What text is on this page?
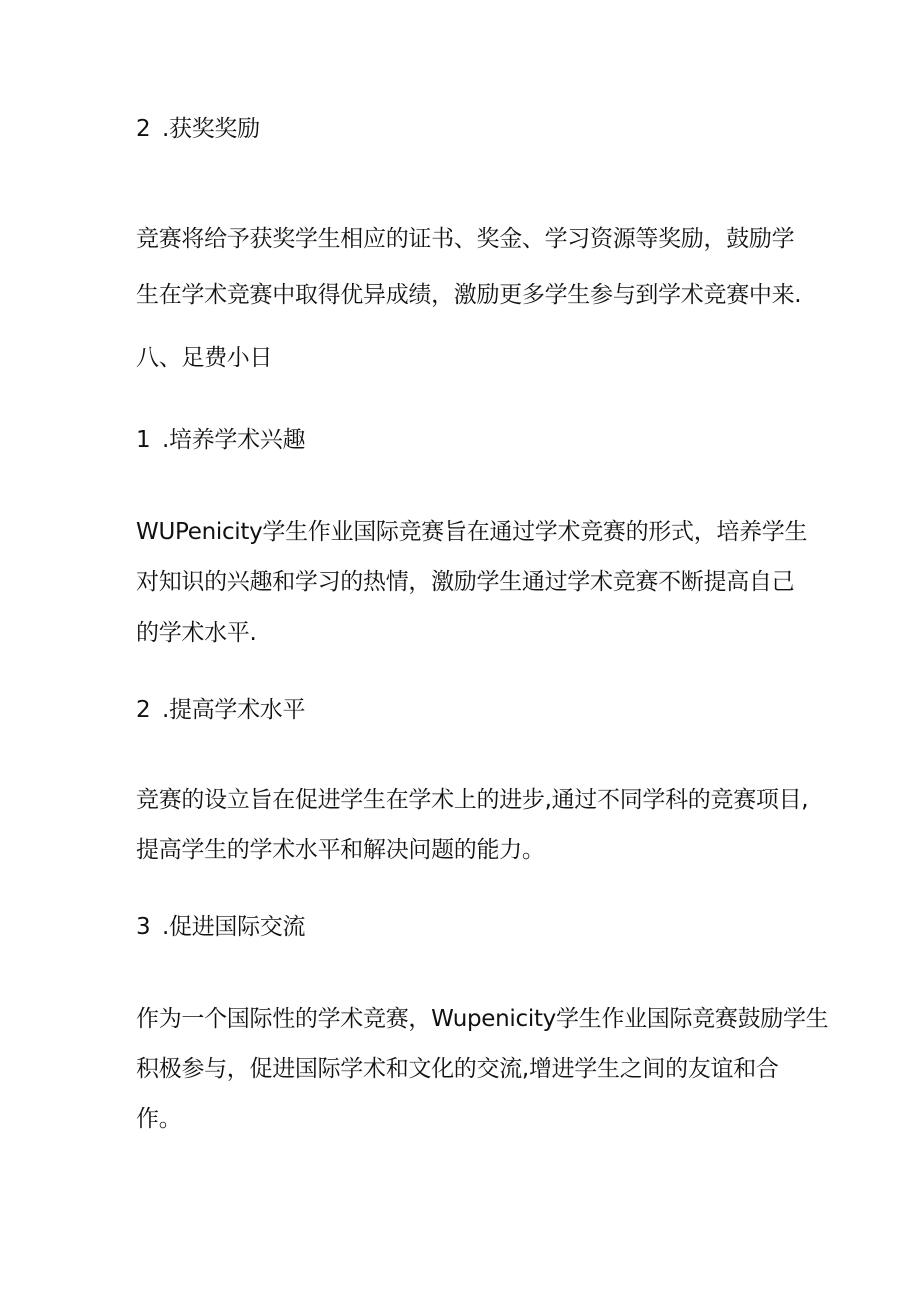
2 .获奖奖励
竞赛将给予获奖学生相应的证书、奖金、学习资源等奖励，鼓励学
生在学术竞赛中取得优异成绩，激励更多学生参与到学术竞赛中来.
八、足费小日
1 .培养学术兴趣
WUPenicity学生作业国际竞赛旨在通过学术竞赛的形式，培养学生
对知识的兴趣和学习的热情，激励学生通过学术竞赛不断提高自己
的学术水平.
2 .提高学术水平
竞赛的设立旨在促进学生在学术上的进步,通过不同学科的竞赛项目,
提高学生的学术水平和解决问题的能力。
3 .促进国际交流
作为一个国际性的学术竞赛，Wupenicity学生作业国际竞赛鼓励学生
积极参与，促进国际学术和文化的交流,增进学生之间的友谊和合
作。
